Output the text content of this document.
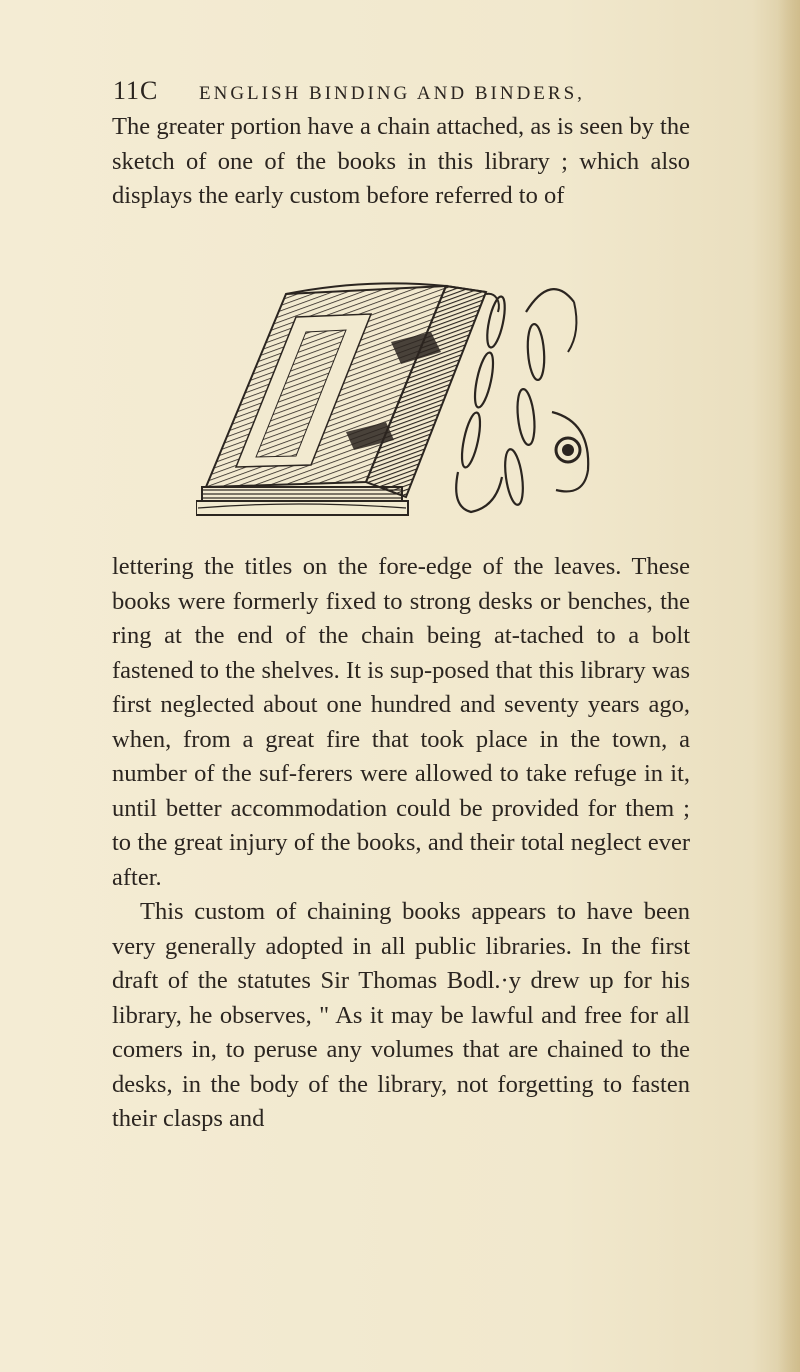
11C ENGLISH BINDING AND BINDERS,

The greater portion have a chain attached, as is seen by the sketch of one of the books in this library ; which also displays the early custom before referred to of

lettering the titles on the fore-edge of the leaves. These books were formerly fixed to strong desks or benches, the ring at the end of the chain being at-tached to a bolt fastened to the shelves. It is sup-posed that this library was first neglected about one hundred and seventy years ago, when, from a great fire that took place in the town, a number of the suf-ferers were allowed to take refuge in it, until better accommodation could be provided for them ; to the great injury of the books, and their total neglect ever after.

This custom of chaining books appears to have been very generally adopted in all public libraries. In the first draft of the statutes Sir Thomas Bodl.·y drew up for his library, he observes, " As it may be lawful and free for all comers in, to peruse any volumes that are chained to the desks, in the body of the library, not forgetting to fasten their clasps and
